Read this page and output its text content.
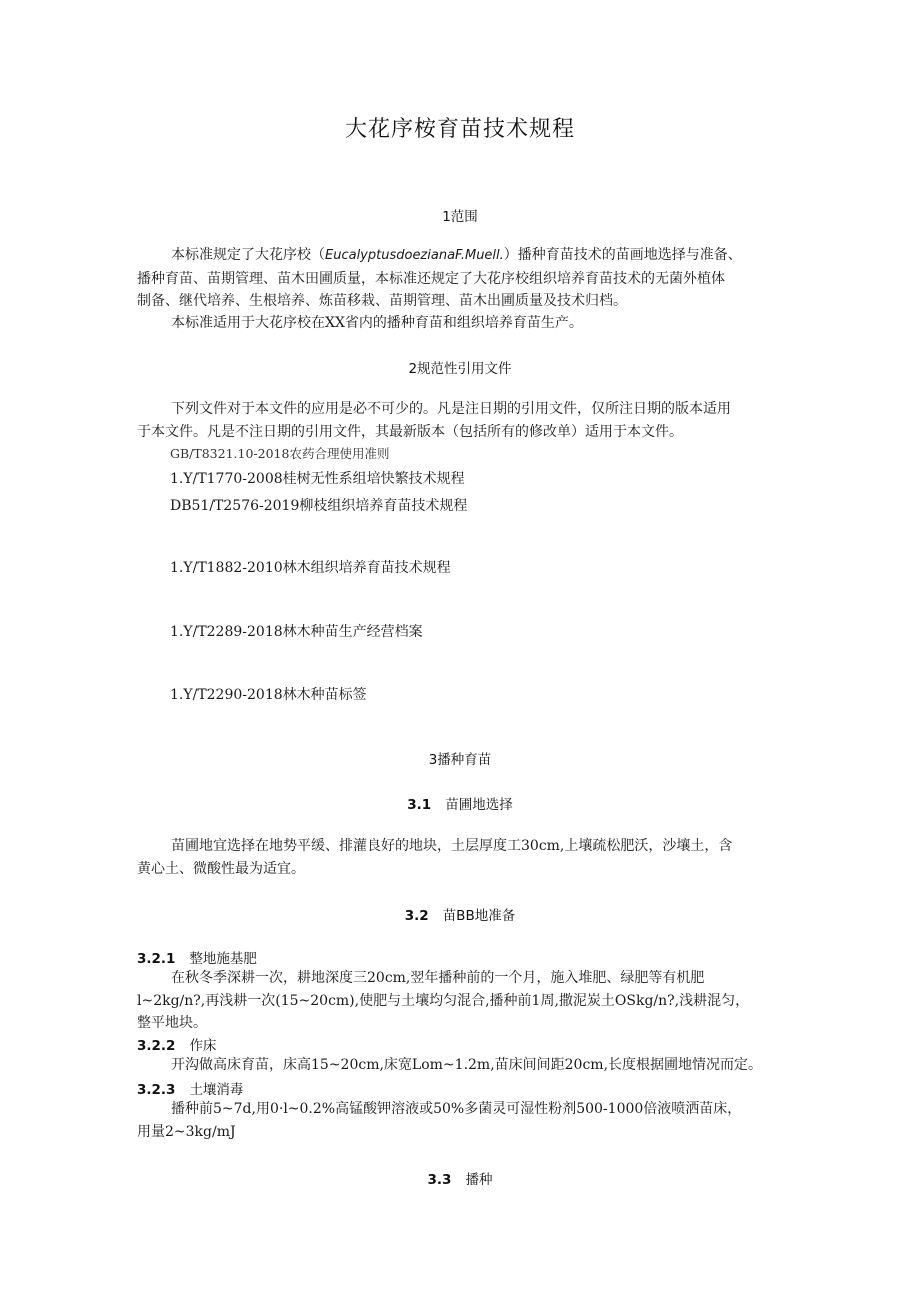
大花序桉育苗技术规程
1范围
本标准规定了大花序校（EucalyptusdoezianaF.Muell.）播种育苗技术的苗画地选择与准备、
播种育苗、苗期管理、苗木田圃质量，本标准还规定了大花序校组织培养育苗技术的无菌外植体
制备、继代培养、生根培养、炼苗移栽、苗期管理、苗木出圃质量及技术归档。
本标准适用于大花序校在XX省内的播种育苗和组织培养育苗生产。
2规范性引用文件
下列文件对于本文件的应用是必不可少的。凡是注日期的引用文件，仅所注日期的版本适用
于本文件。凡是不注日期的引用文件，其最新版本（包括所有的修改单）适用于本文件。
GB/T8321.10-2018农药合理使用准则
1.Y/T1770-2008桂树无性系组培快繁技术规程
DB51/T2576-2019柳枝组织培养育苗技术规程
1.Y/T1882-2010林木组织培养育苗技术规程
1.Y/T2289-2018林木种苗生产经营档案
1.Y/T2290-2018林木种苗标签
3播种育苗
3.1 苗圃地选择
苗圃地宜选择在地势平缓、排灌良好的地块，土层厚度工30cm,上壤疏松肥沃，沙壤土，含
黄心土、微酸性最为适宜。
3.2 苗BB地准备
3.2.1 整地施基肥
在秋冬季深耕一次，耕地深度三20cm,翌年播种前的一个月，施入堆肥、绿肥等有机肥
l~2kg∕n?,再浅耕一次(15~20cm),使肥与土壤均匀混合,播种前1周,撒泥炭土OSkg/n?,浅耕混匀，
整平地块。
3.2.2 作床
开沟做高床育苗，床高15~20cm,床宽Lom~1.2m,苗床间间距20cm,长度根据圃地情况而定。
3.2.3 土壤消毒
播种前5~7d,用0·l~0.2%高锰酸钾溶液或50%多菌灵可湿性粉剂500-1000倍液喷洒苗床，
用量2~3kg∕mJ
3.3 播种
